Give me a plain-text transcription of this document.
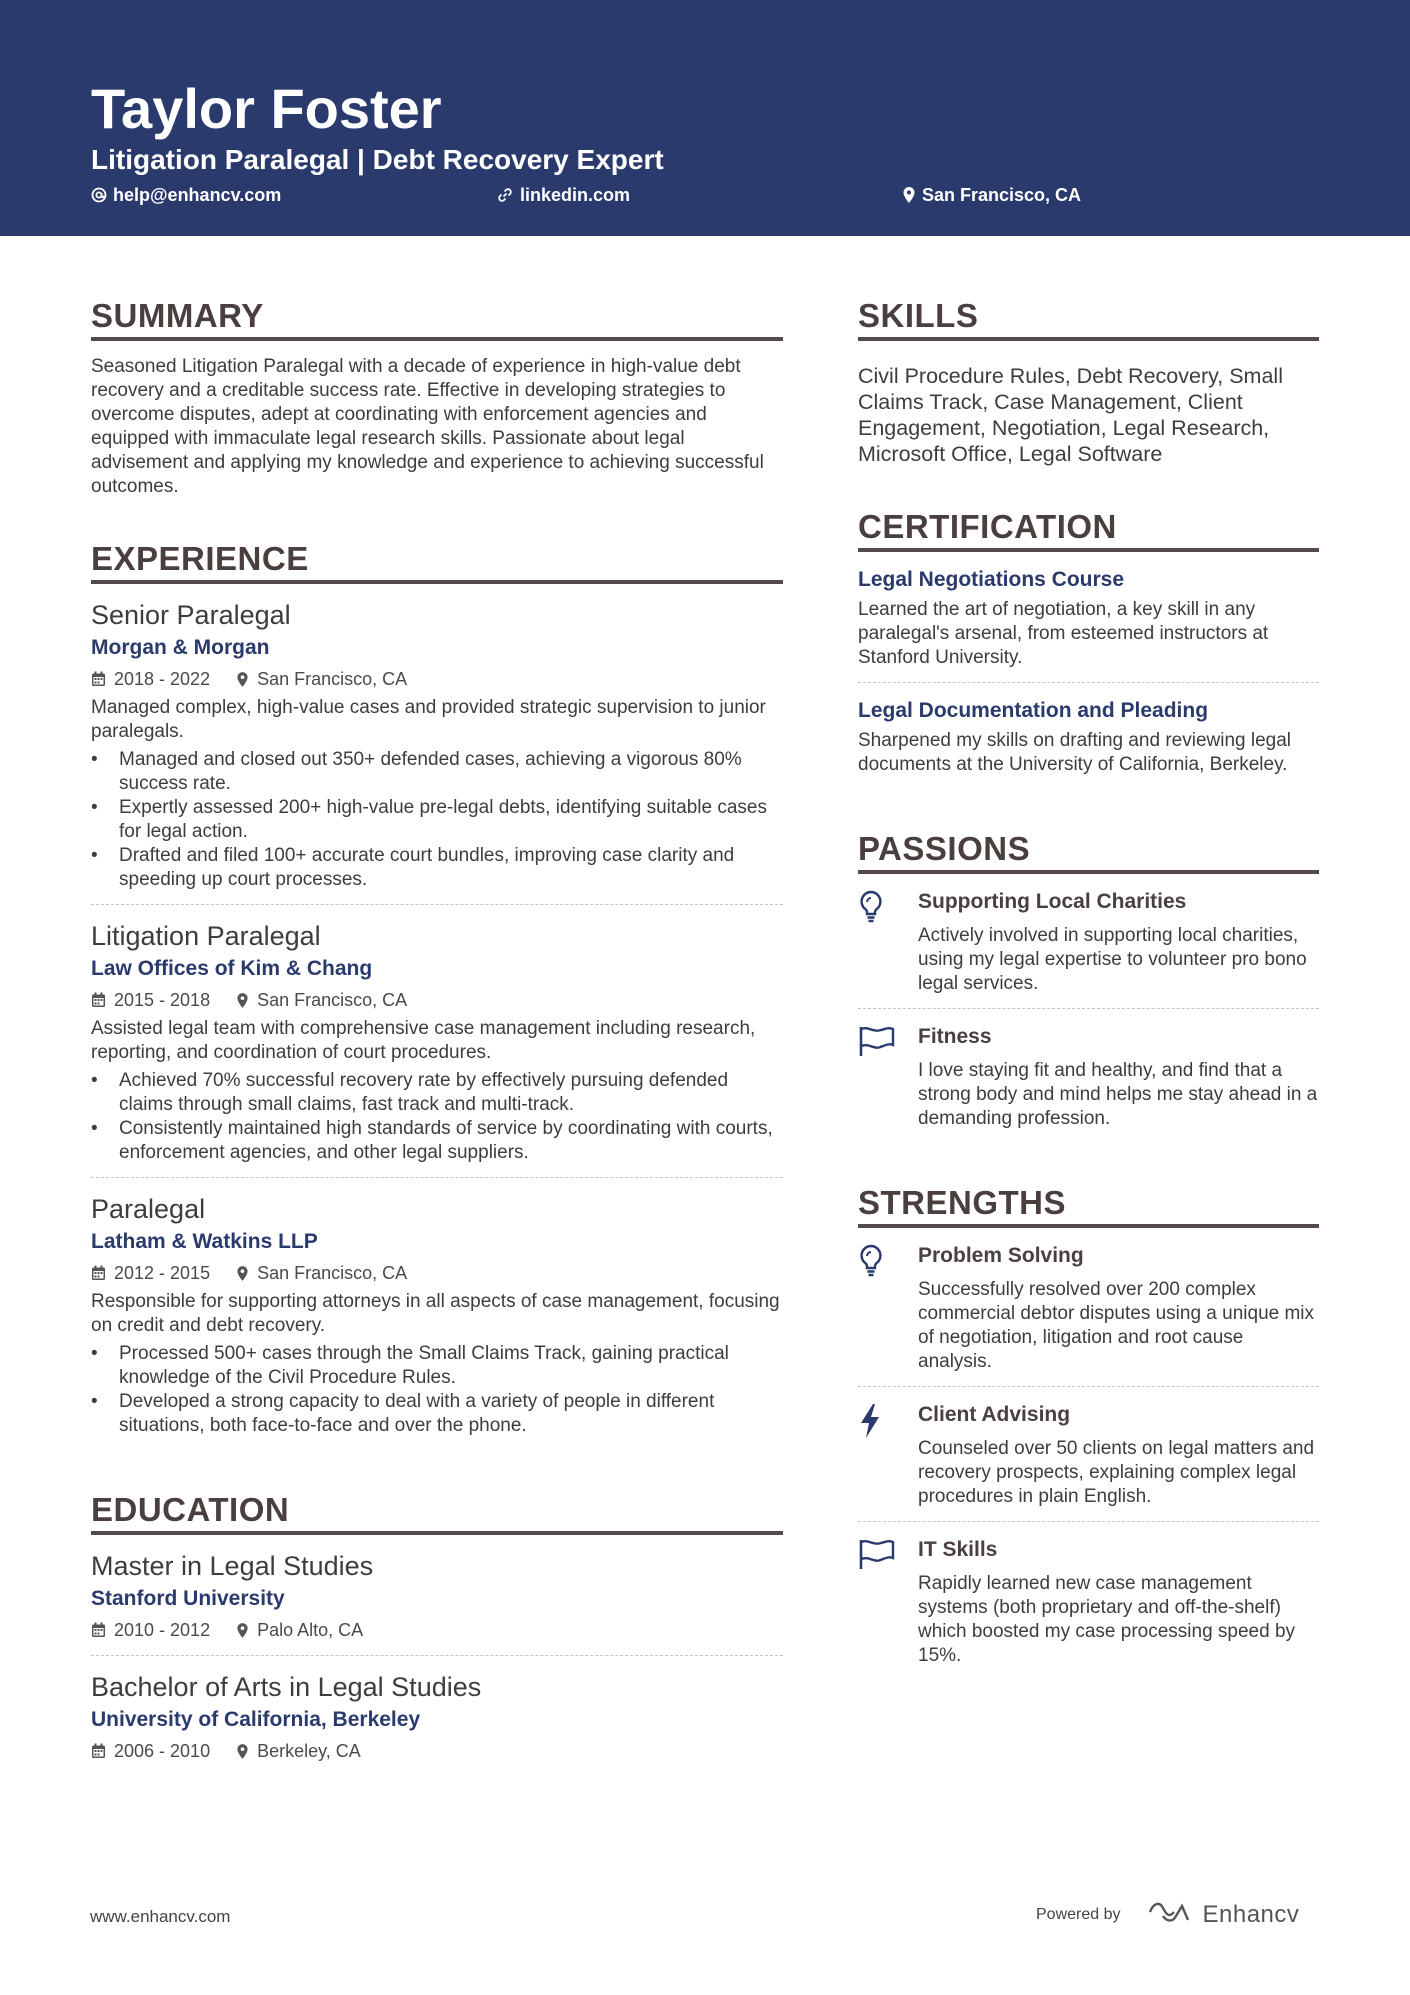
Taylor Foster
Litigation Paralegal | Debt Recovery Expert
help@enhancv.com	linkedin.com	San Francisco, CA
SUMMARY

Seasoned Litigation Paralegal with a decade of experience in high-value debt recovery and a creditable success rate. Effective in developing strategies to overcome disputes, adept at coordinating with enforcement agencies and equipped with immaculate legal research skills. Passionate about legal advisement and applying my knowledge and experience to achieving successful outcomes.

EXPERIENCE
Senior Paralegal
Morgan & Morgan
2018 - 2022	San Francisco, CA

Managed complex, high-value cases and provided strategic supervision to junior paralegals.

• Managed and closed out 350+ defended cases, achieving a vigorous 80% success rate.
• Expertly assessed 200+ high-value pre-legal debts, identifying suitable cases for legal action.
• Drafted and filed 100+ accurate court bundles, improving case clarity and speeding up court processes.
Litigation Paralegal
Law Offices of Kim & Chang
2015 - 2018	San Francisco, CA

Assisted legal team with comprehensive case management including research, reporting, and coordination of court procedures.

• Achieved 70% successful recovery rate by effectively pursuing defended claims through small claims, fast track and multi-track.
• Consistently maintained high standards of service by coordinating with courts, enforcement agencies, and other legal suppliers.
Paralegal
Latham & Watkins LLP
2012 - 2015	San Francisco, CA

Responsible for supporting attorneys in all aspects of case management, focusing on credit and debt recovery.

• Processed 500+ cases through the Small Claims Track, gaining practical knowledge of the Civil Procedure Rules.
• Developed a strong capacity to deal with a variety of people in different situations, both face-to-face and over the phone.
EDUCATION
Master in Legal Studies
Stanford University
2010 - 2012	Palo Alto, CA
Bachelor of Arts in Legal Studies
University of California, Berkeley
2006 - 2010	Berkeley, CA
SKILLS

Civil Procedure Rules, Debt Recovery, Small Claims Track, Case Management, Client Engagement, Negotiation, Legal Research, Microsoft Office, Legal Software

CERTIFICATION
Legal Negotiations Course

Learned the art of negotiation, a key skill in any paralegal's arsenal, from esteemed instructors at Stanford University.

Legal Documentation and Pleading

Sharpened my skills on drafting and reviewing legal documents at the University of California, Berkeley.

PASSIONS
Supporting Local Charities

Actively involved in supporting local charities, using my legal expertise to volunteer pro bono legal services.

Fitness

I love staying fit and healthy, and find that a strong body and mind helps me stay ahead in a demanding profession.

STRENGTHS
Problem Solving

Successfully resolved over 200 complex commercial debtor disputes using a unique mix of negotiation, litigation and root cause analysis.

Client Advising

Counseled over 50 clients on legal matters and recovery prospects, explaining complex legal procedures in plain English.

IT Skills

Rapidly learned new case management systems (both proprietary and off-the-shelf) which boosted my case processing speed by 15%.

www.enhancv.com	Powered by	Enhancv
